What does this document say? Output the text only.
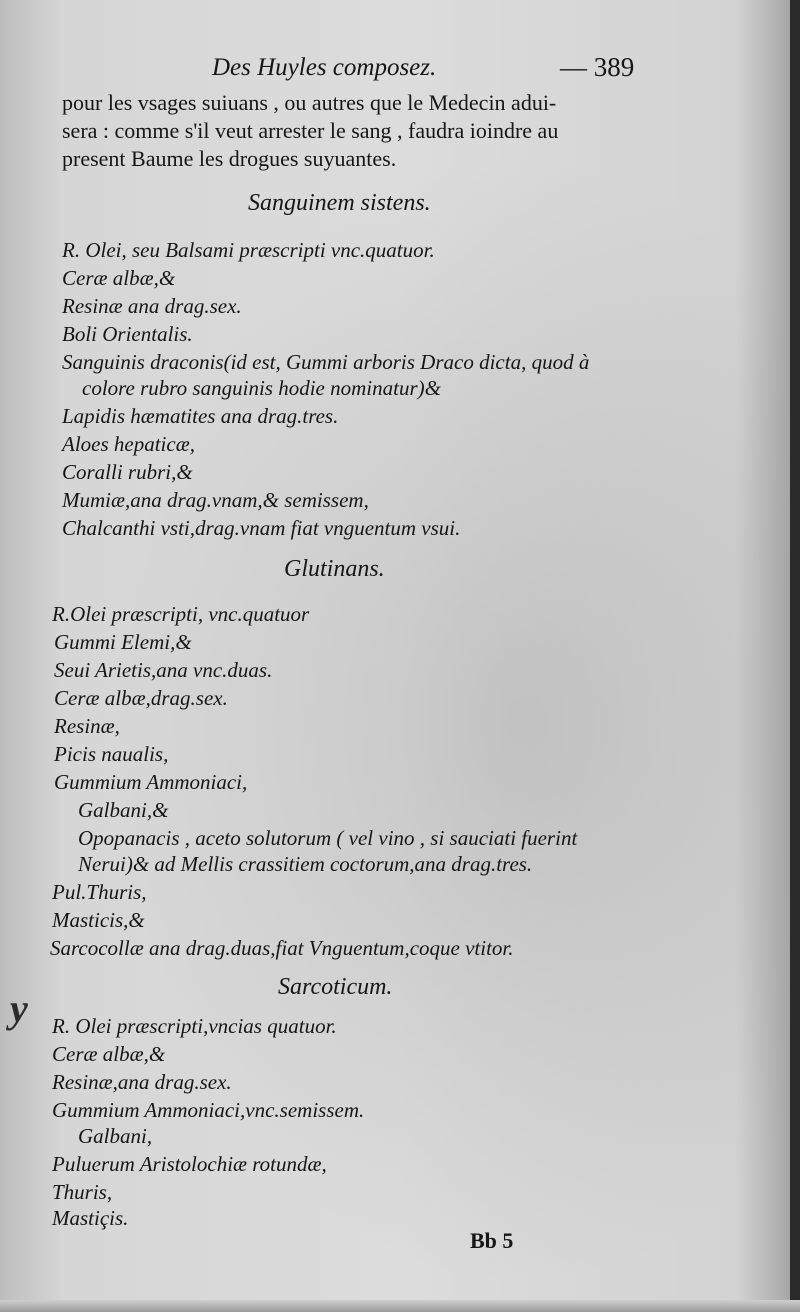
Des Huyles composez.	— 389
pour les vsages suiuans , ou autres que le Medecin adui-
sera : comme s'il veut arrester le sang , faudra ioindre au
present Baume les drogues suyuantes.
Sanguinem sistens.
R. Olei, seu Balsami præscripti vnc.quatuor.
Ceræ albæ,&
Resinæ ana drag.sex.
Boli Orientalis.
Sanguinis draconis(id est, Gummi arboris Draco dicta, quod à
colore rubro sanguinis hodie nominatur)&
Lapidis hæmatites ana drag.tres.
Aloes hepaticæ,
Coralli rubri,&
Mumiæ,ana drag.vnam,& semissem,
Chalcanthi vsti,drag.vnam fiat vnguentum vsui.
Glutinans.
R.Olei præscripti, vnc.quatuor
Gummi Elemi,&
Seui Arietis,ana vnc.duas.
Ceræ albæ,drag.sex.
Resinæ,
Picis naualis,
Gummium Ammoniaci,
Galbani,&
Opopanacis , aceto solutorum ( vel vino , si sauciati fuerint
Nerui)& ad Mellis crassitiem coctorum,ana drag.tres.
Pul.Thuris,
Masticis,&
Sarcocollæ ana drag.duas,fiat Vnguentum,coque vtitor.
Sarcoticum.
y	R. Olei præscripti,vncias quatuor.
Ceræ albæ,&
Resinæ,ana drag.sex.
Gummium Ammoniaci,vnc.semissem.
Galbani,
Puluerum Aristolochiæ rotundæ,
Thuris,
Mastiçis.
Bb 5
